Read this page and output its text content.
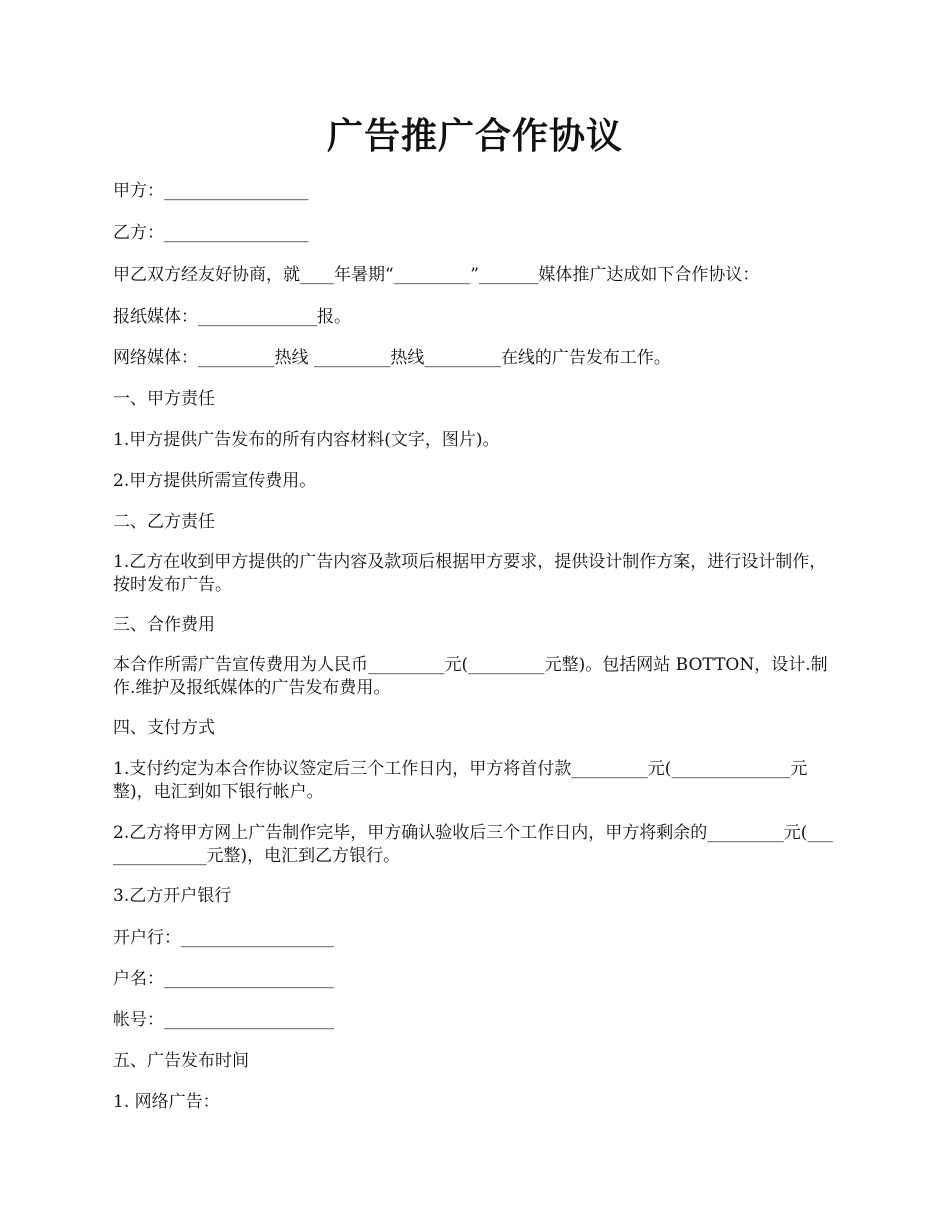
广告推广合作协议

甲方：_________________

乙方：_________________

甲乙双方经友好协商，就____年暑期“_________”_______媒体推广达成如下合作协议：

报纸媒体：______________报。

网络媒体：_________热线 _________热线_________在线的广告发布工作。

一、甲方责任

1.甲方提供广告发布的所有内容材料(文字，图片)。

2.甲方提供所需宣传费用。

二、乙方责任

1.乙方在收到甲方提供的广告内容及款项后根据甲方要求，提供设计制作方案，进行设计制作，按时发布广告。

三、合作费用

本合作所需广告宣传费用为人民币_________元(_________元整)。包括网站 BOTTON，设计.制作.维护及报纸媒体的广告发布费用。

四、支付方式

1.支付约定为本合作协议签定后三个工作日内，甲方将首付款_________元(______________元整)，电汇到如下银行帐户。

2.乙方将甲方网上广告制作完毕，甲方确认验收后三个工作日内，甲方将剩余的_________元(______________元整)，电汇到乙方银行。

3.乙方开户银行

开户行：__________________

户名：____________________

帐号：____________________

五、广告发布时间

1. 网络广告：
